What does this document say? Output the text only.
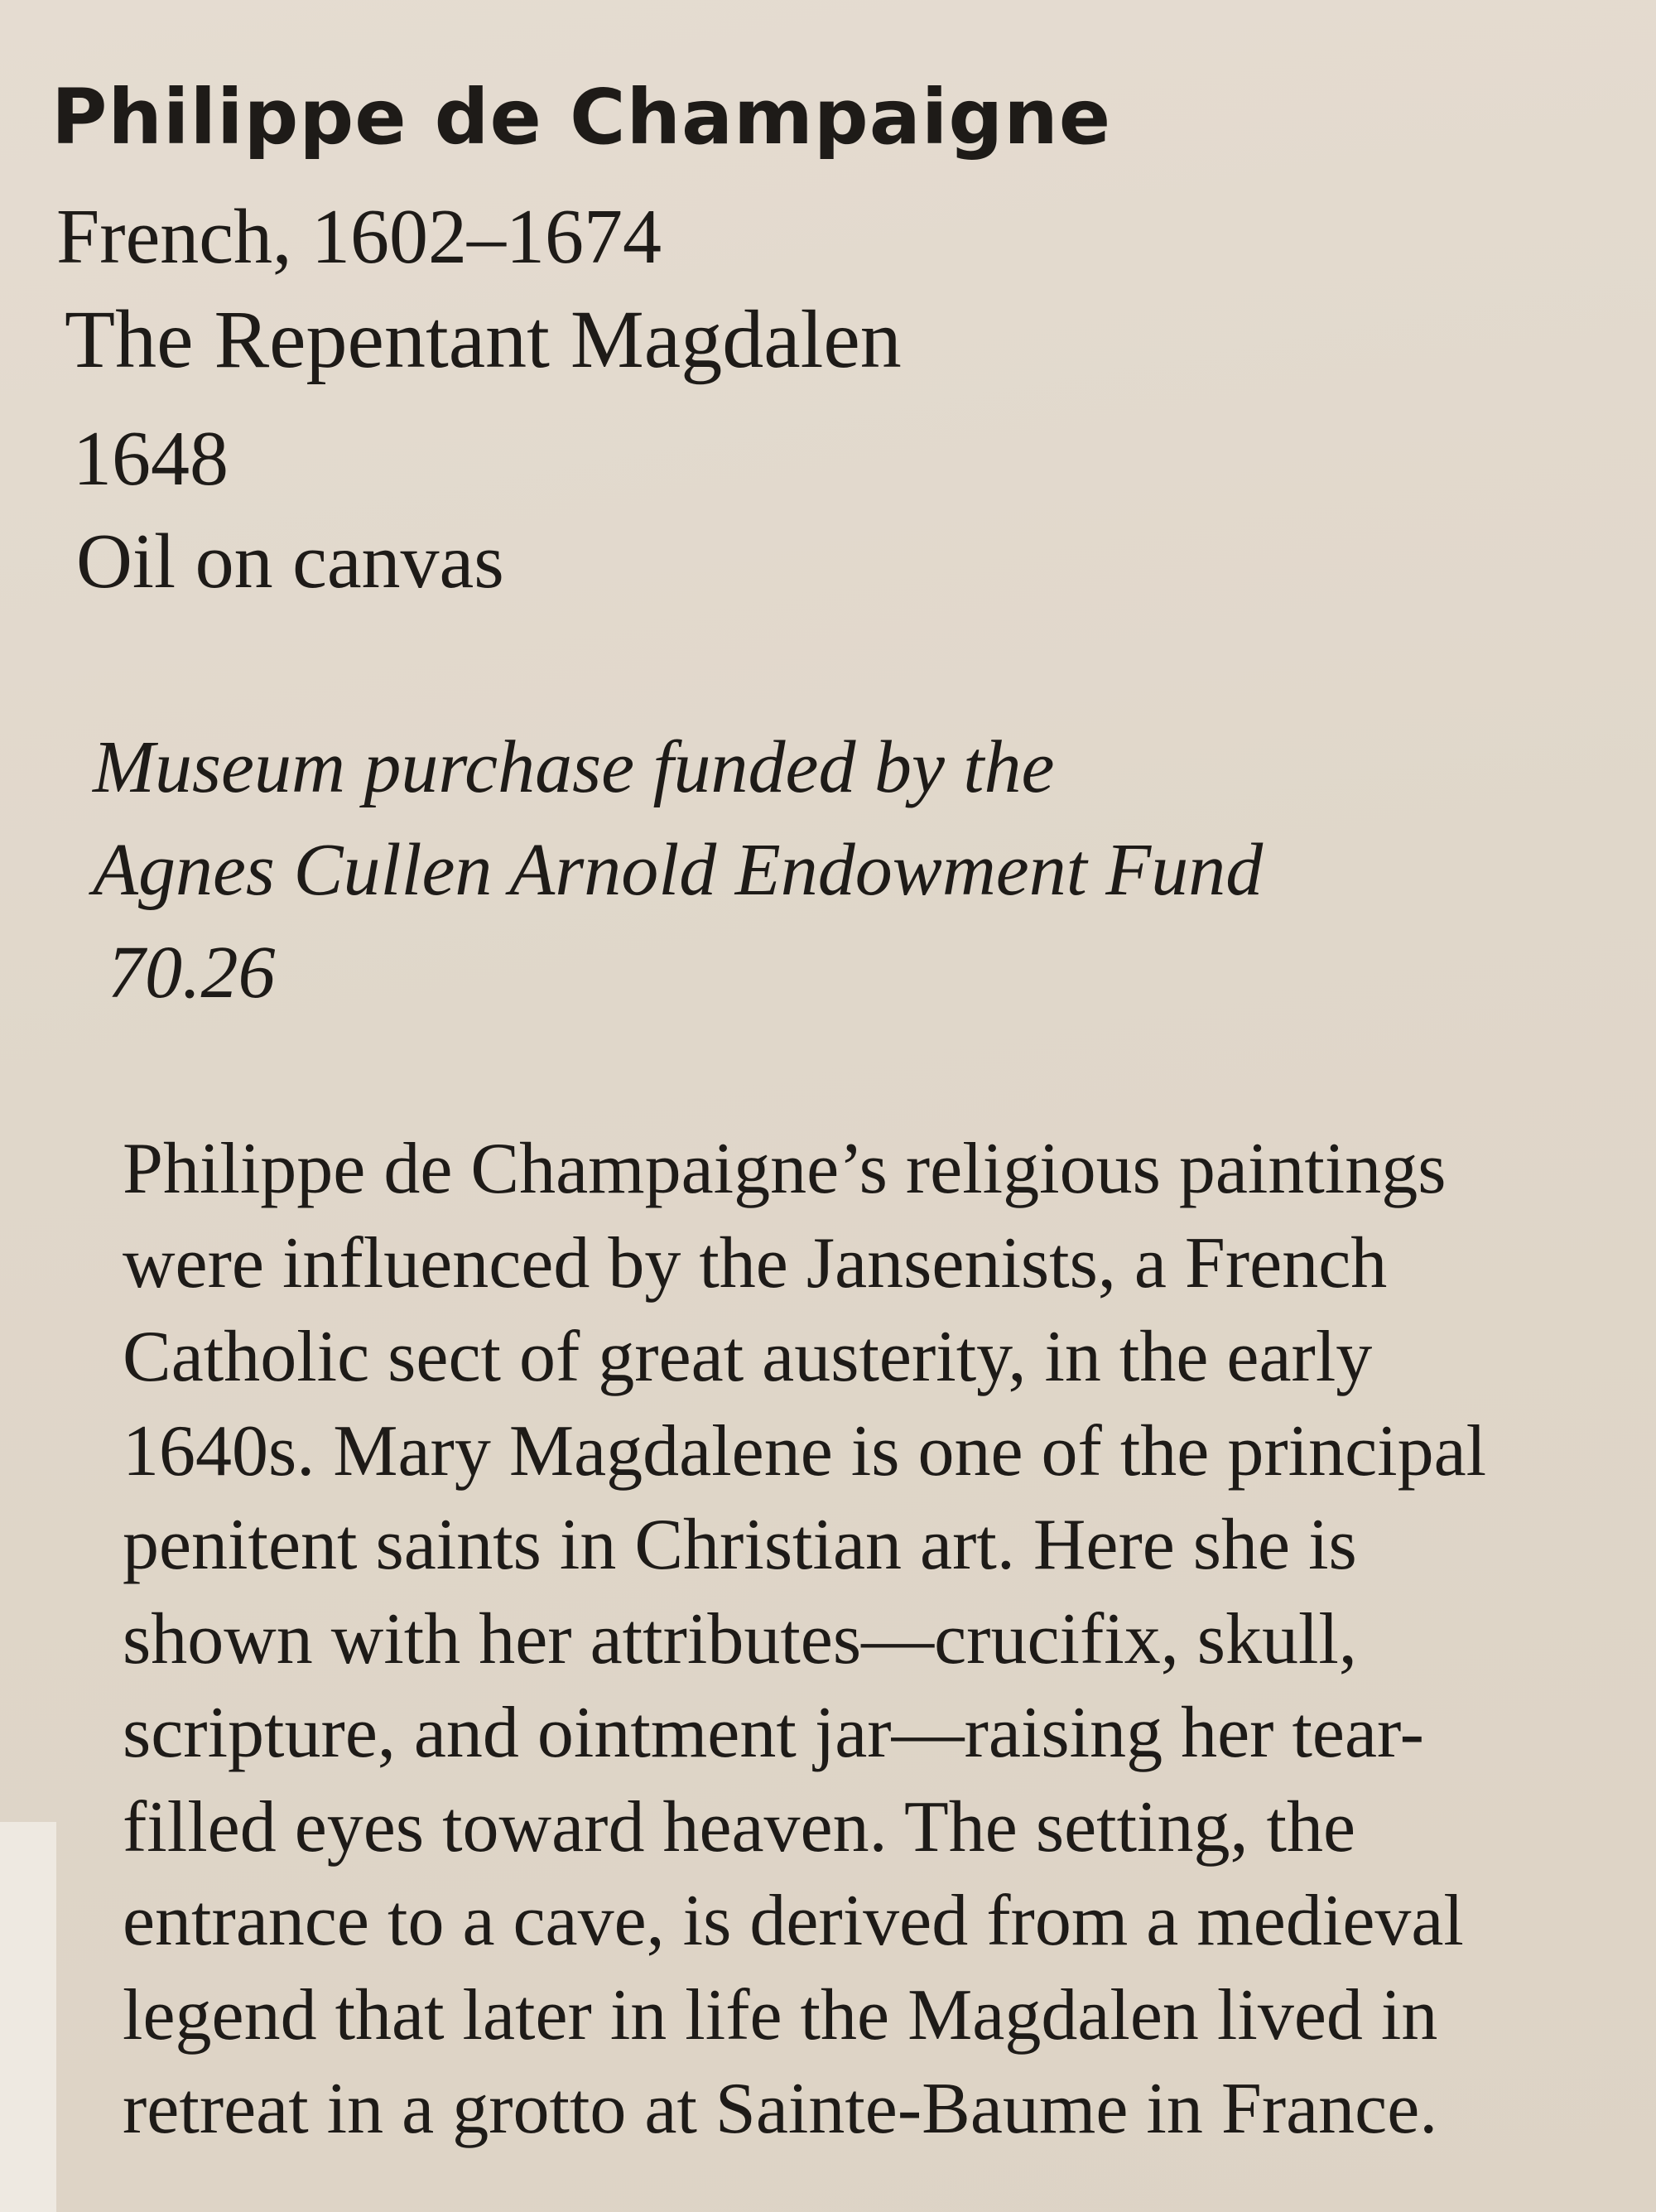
Philippe de Champaigne

French, 1602–1674

The Repentant Magdalen

1648

Oil on canvas

Museum purchase funded by the
Agnes Cullen Arnold Endowment Fund
70.26

Philippe de Champaigne’s religious paintings
were influenced by the Jansenists, a French
Catholic sect of great austerity, in the early
1640s. Mary Magdalene is one of the principal
penitent saints in Christian art. Here she is
shown with her attributes—crucifix, skull,
scripture, and ointment jar—raising her tear-
filled eyes toward heaven. The setting, the
entrance to a cave, is derived from a medieval
legend that later in life the Magdalen lived in
retreat in a grotto at Sainte-Baume in France.
